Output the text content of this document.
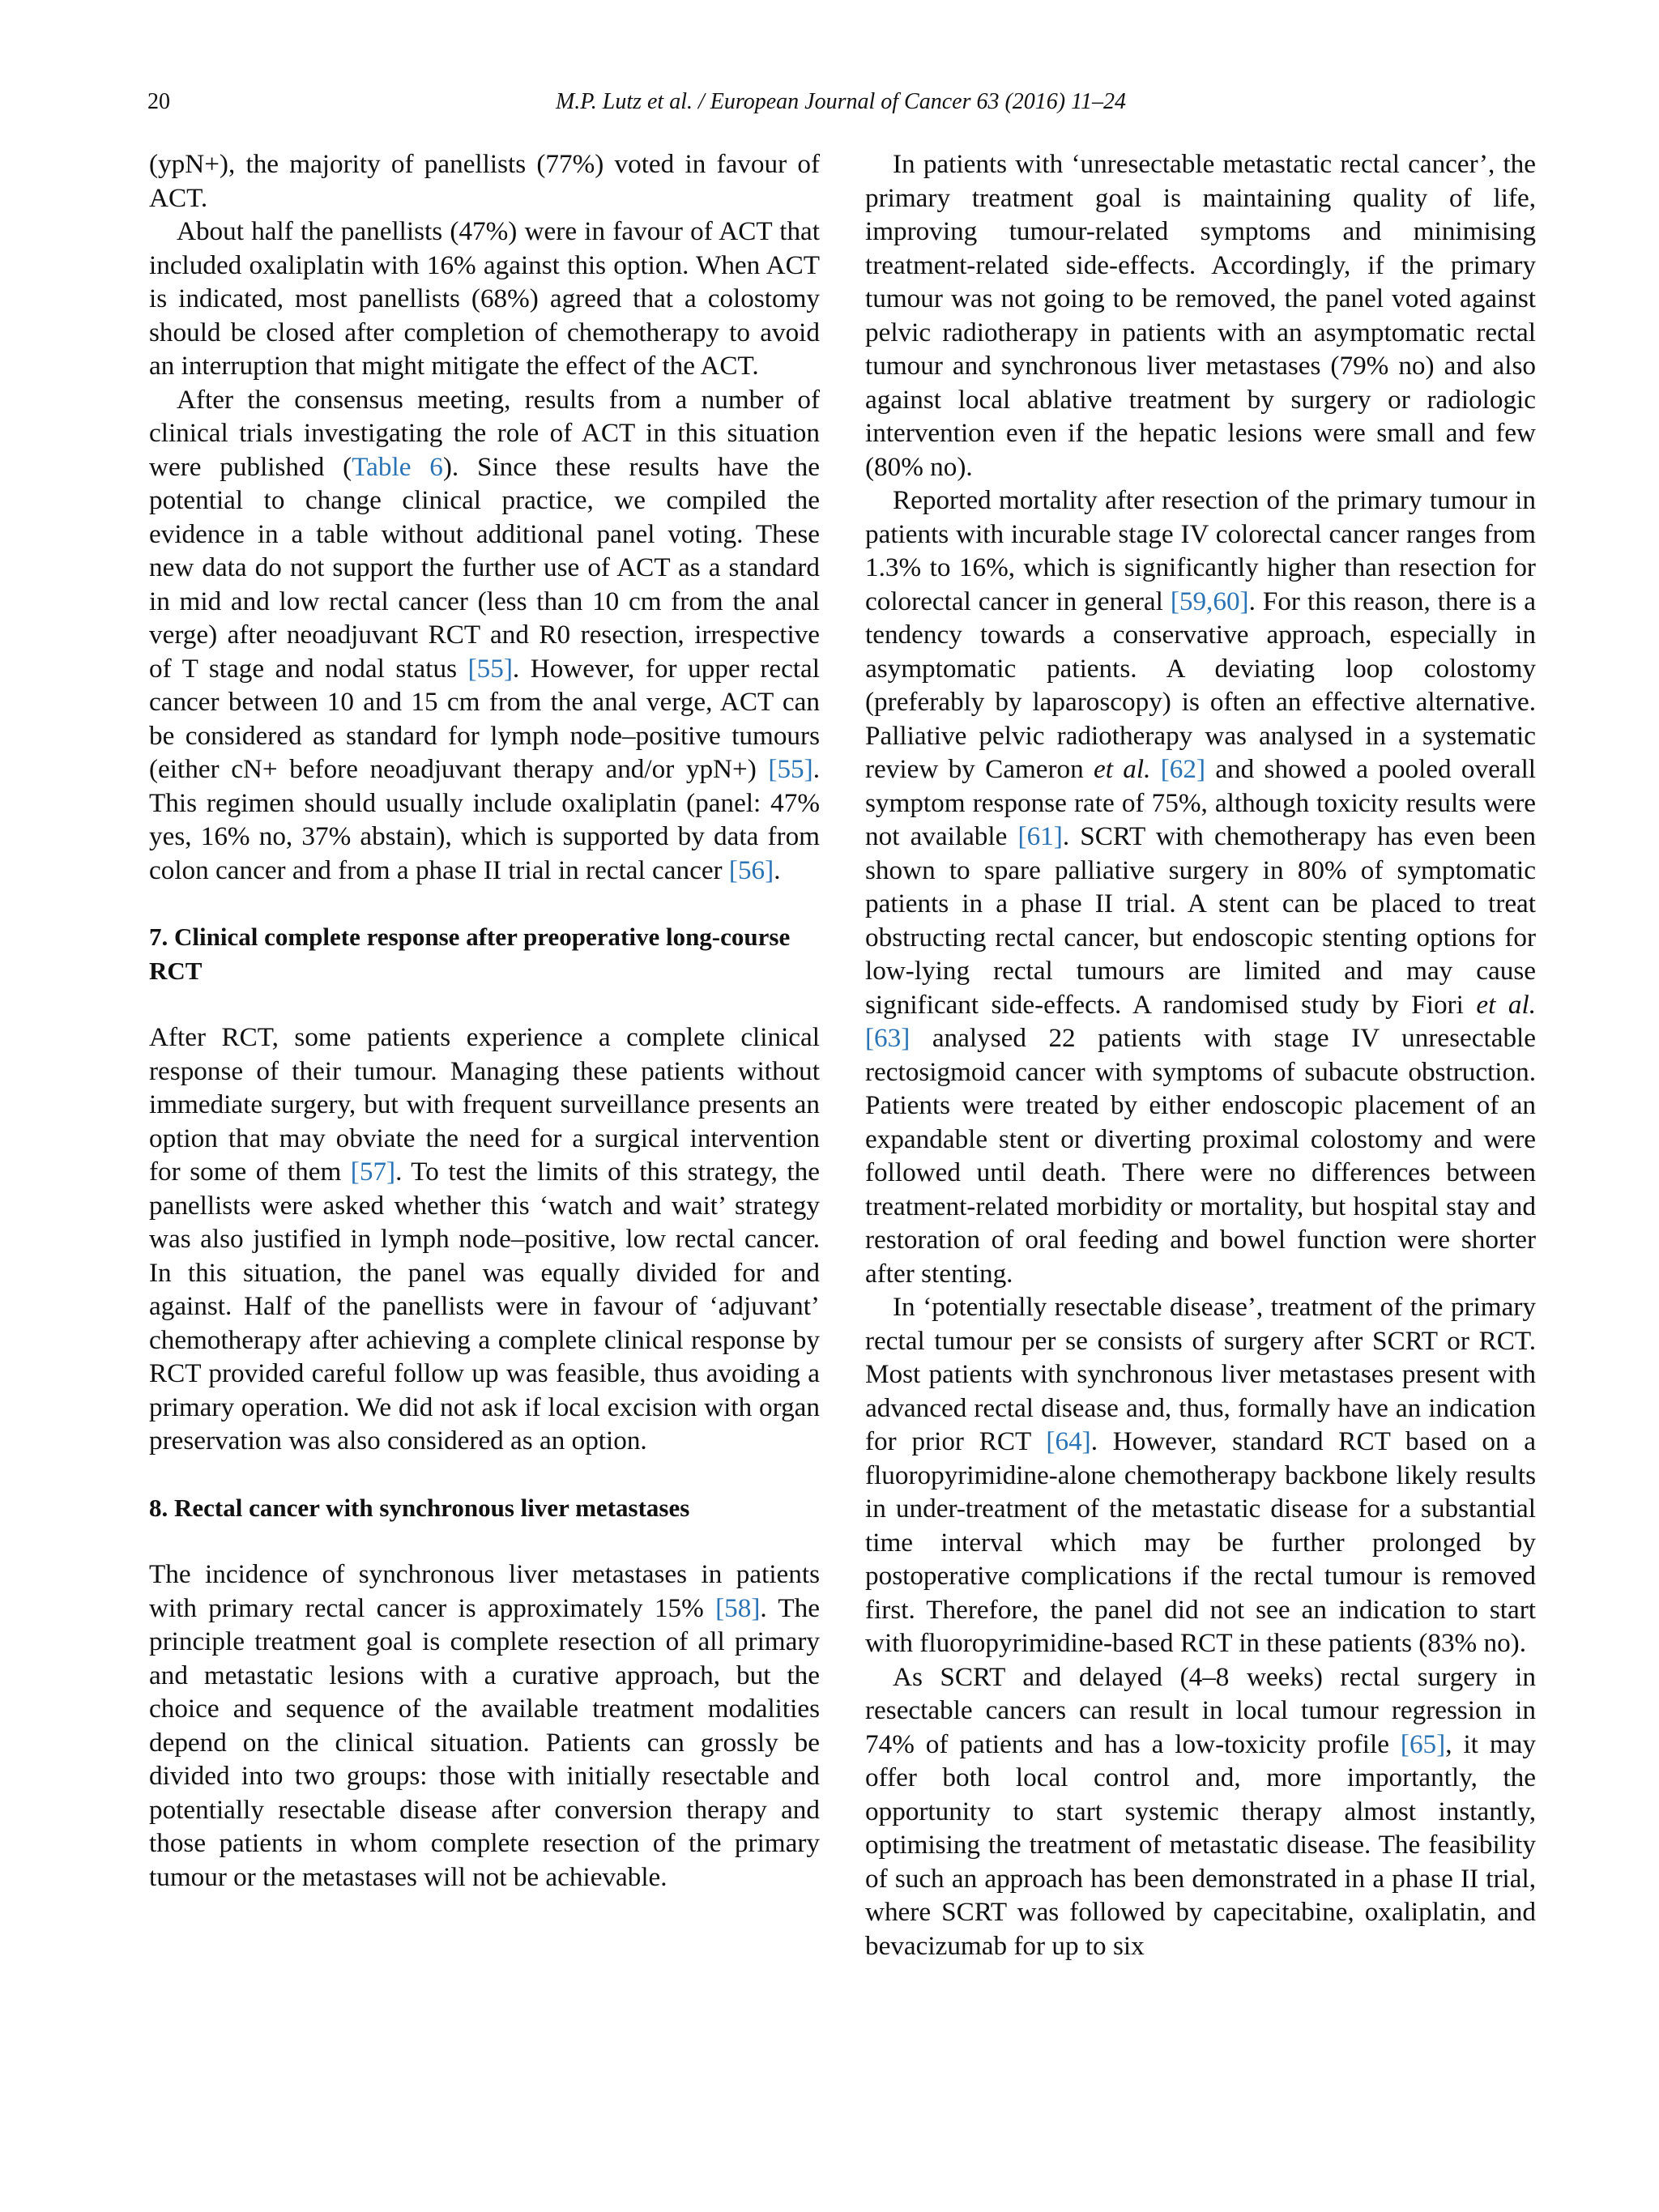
20	M.P. Lutz et al. / European Journal of Cancer 63 (2016) 11‒24

(ypN+), the majority of panellists (77%) voted in favour of ACT.

About half the panellists (47%) were in favour of ACT that included oxaliplatin with 16% against this option. When ACT is indicated, most panellists (68%) agreed that a colostomy should be closed after completion of chemotherapy to avoid an interruption that might mitigate the effect of the ACT.

After the consensus meeting, results from a number of clinical trials investigating the role of ACT in this situation were published (Table 6). Since these results have the potential to change clinical practice, we compiled the evidence in a table without additional panel voting. These new data do not support the further use of ACT as a standard in mid and low rectal cancer (less than 10 cm from the anal verge) after neoadjuvant RCT and R0 resection, irrespective of T stage and nodal status [55]. However, for upper rectal cancer between 10 and 15 cm from the anal verge, ACT can be considered as standard for lymph node–positive tumours (either cN+ before neoadjuvant therapy and/or ypN+) [55]. This regimen should usually include oxaliplatin (panel: 47% yes, 16% no, 37% abstain), which is supported by data from colon cancer and from a phase II trial in rectal cancer [56].

7. Clinical complete response after preoperative long-course RCT

After RCT, some patients experience a complete clinical response of their tumour. Managing these patients without immediate surgery, but with frequent surveillance presents an option that may obviate the need for a surgical intervention for some of them [57]. To test the limits of this strategy, the panellists were asked whether this ‘watch and wait’ strategy was also justified in lymph node–positive, low rectal cancer. In this situation, the panel was equally divided for and against. Half of the panellists were in favour of ‘adjuvant’ chemotherapy after achieving a complete clinical response by RCT provided careful follow up was feasible, thus avoiding a primary operation. We did not ask if local excision with organ preservation was also considered as an option.

8. Rectal cancer with synchronous liver metastases

The incidence of synchronous liver metastases in patients with primary rectal cancer is approximately 15% [58]. The principle treatment goal is complete resection of all primary and metastatic lesions with a curative approach, but the choice and sequence of the available treatment modalities depend on the clinical situation. Patients can grossly be divided into two groups: those with initially resectable and potentially resectable disease after conversion therapy and those patients in whom complete resection of the primary tumour or the metastases will not be achievable.

In patients with ‘unresectable metastatic rectal cancer’, the primary treatment goal is maintaining quality of life, improving tumour-related symptoms and minimising treatment-related side-effects. Accordingly, if the primary tumour was not going to be removed, the panel voted against pelvic radiotherapy in patients with an asymptomatic rectal tumour and synchronous liver metastases (79% no) and also against local ablative treatment by surgery or radiologic intervention even if the hepatic lesions were small and few (80% no).

Reported mortality after resection of the primary tumour in patients with incurable stage IV colorectal cancer ranges from 1.3% to 16%, which is significantly higher than resection for colorectal cancer in general [59,60]. For this reason, there is a tendency towards a conservative approach, especially in asymptomatic patients. A deviating loop colostomy (preferably by laparoscopy) is often an effective alternative. Palliative pelvic radiotherapy was analysed in a systematic review by Cameron et al. [62] and showed a pooled overall symptom response rate of 75%, although toxicity results were not available [61]. SCRT with chemotherapy has even been shown to spare palliative surgery in 80% of symptomatic patients in a phase II trial. A stent can be placed to treat obstructing rectal cancer, but endoscopic stenting options for low-lying rectal tumours are limited and may cause significant side-effects. A randomised study by Fiori et al. [63] analysed 22 patients with stage IV unresectable rectosigmoid cancer with symptoms of subacute obstruction. Patients were treated by either endoscopic placement of an expandable stent or diverting proximal colostomy and were followed until death. There were no differences between treatment-related morbidity or mortality, but hospital stay and restoration of oral feeding and bowel function were shorter after stenting.

In ‘potentially resectable disease’, treatment of the primary rectal tumour per se consists of surgery after SCRT or RCT. Most patients with synchronous liver metastases present with advanced rectal disease and, thus, formally have an indication for prior RCT [64]. However, standard RCT based on a fluoropyrimidine-alone chemotherapy backbone likely results in under-treatment of the metastatic disease for a substantial time interval which may be further prolonged by postoperative complications if the rectal tumour is removed first. Therefore, the panel did not see an indication to start with fluoropyrimidine-based RCT in these patients (83% no).

As SCRT and delayed (4–8 weeks) rectal surgery in resectable cancers can result in local tumour regression in 74% of patients and has a low-toxicity profile [65], it may offer both local control and, more importantly, the opportunity to start systemic therapy almost instantly, optimising the treatment of metastatic disease. The feasibility of such an approach has been demonstrated in a phase II trial, where SCRT was followed by capecitabine, oxaliplatin, and bevacizumab for up to six
